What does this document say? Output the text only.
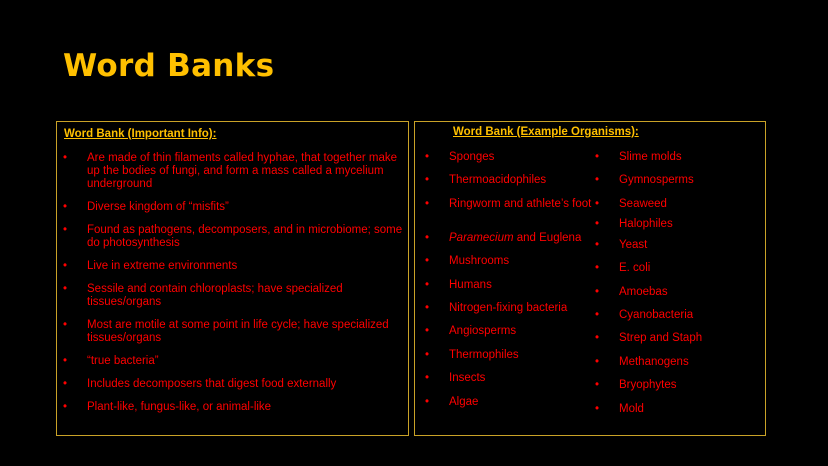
Word Banks
Word Bank (Important Info):
• Are made of thin filaments called hyphae, that together make up the bodies of fungi, and form a mass called a mycelium underground
• Diverse kingdom of “misfits”
• Found as pathogens, decomposers, and in microbiome; some do photosynthesis
• Live in extreme environments
• Sessile and contain chloroplasts; have specialized tissues/organs
• Most are motile at some point in life cycle; have specialized tissues/organs
• “true bacteria”
• Includes decomposers that digest food externally
• Plant-like, fungus-like, or animal-like
Word Bank (Example Organisms):
• Sponges
• Thermoacidophiles
• Ringworm and athlete’s foot
• Paramecium and Euglena
• Mushrooms
• Humans
• Nitrogen-fixing bacteria
• Angiosperms
• Thermophiles
• Insects
• Algae
• Slime molds
• Gymnosperms
• Seaweed
• Halophiles
• Yeast
• E. coli
• Amoebas
• Cyanobacteria
• Strep and Staph
• Methanogens
• Bryophytes
• Mold
